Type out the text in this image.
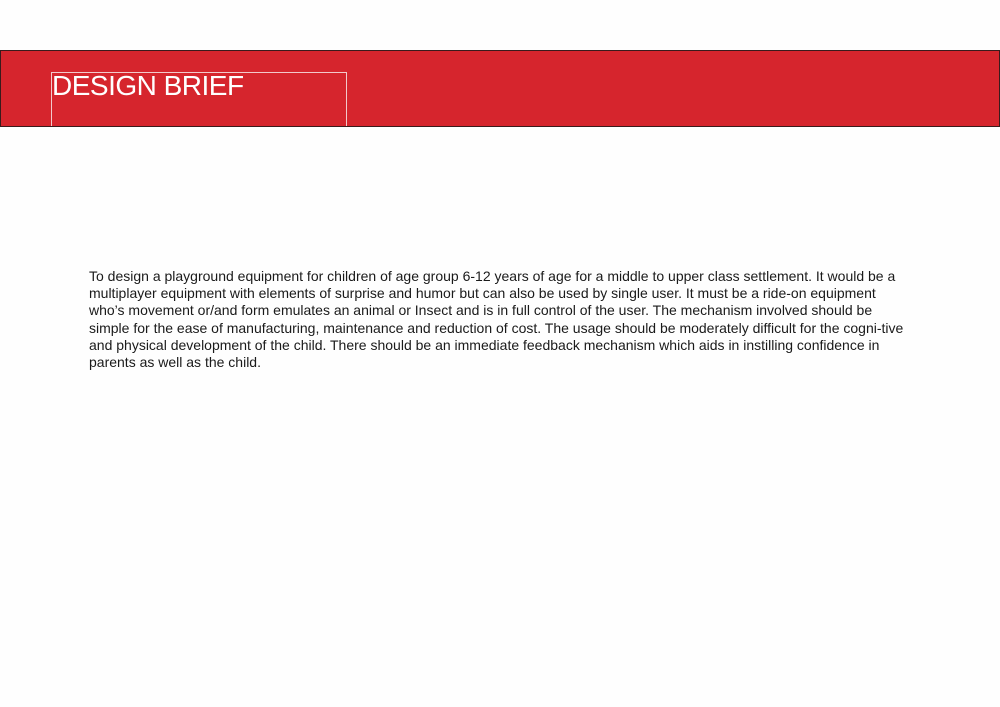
DESIGN BRIEF

To design a playground equipment for children of age group 6-12 years of age for a middle to upper class settlement. It would be a multiplayer equipment with elements of surprise and humor but can also be used by single user. It must be a ride-on equipment who’s movement or/and form emulates an animal or Insect and is in full control of the user. The mechanism involved should be simple for the ease of manufacturing, maintenance and reduction of cost. The usage should be moderately difficult for the cogni-tive and physical development of the child. There should be an immediate feedback mechanism which aids in instilling confidence in parents as well as the child.
